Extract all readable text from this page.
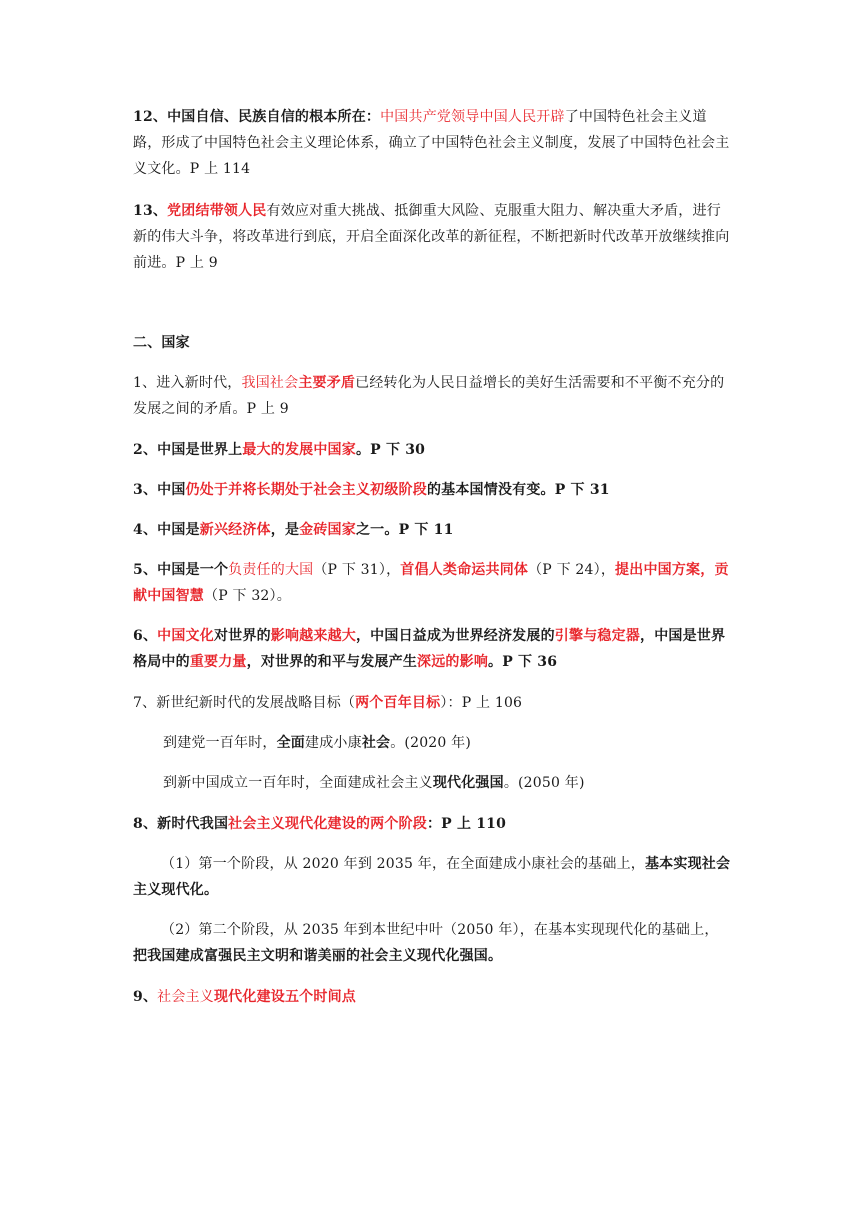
12、中国自信、民族自信的根本所在：中国共产党领导中国人民开辟了中国特色社会主义道路，形成了中国特色社会主义理论体系，确立了中国特色社会主义制度，发展了中国特色社会主义文化。P 上 114

13、党团结带领人民有效应对重大挑战、抵御重大风险、克服重大阻力、解决重大矛盾，进行新的伟大斗争，将改革进行到底，开启全面深化改革的新征程，不断把新时代改革开放继续推向前进。P 上 9

二、国家

1、进入新时代，我国社会主要矛盾已经转化为人民日益增长的美好生活需要和不平衡不充分的发展之间的矛盾。P 上 9

2、中国是世界上最大的发展中国家。P 下 30

3、中国仍处于并将长期处于社会主义初级阶段的基本国情没有变。P 下 31

4、中国是新兴经济体，是金砖国家之一。P 下 11

5、中国是一个负责任的大国（P 下 31），首倡人类命运共同体（P 下 24），提出中国方案，贡献中国智慧（P 下 32）。

6、中国文化对世界的影响越来越大，中国日益成为世界经济发展的引擎与稳定器，中国是世界格局中的重要力量，对世界的和平与发展产生深远的影响。P 下 36

7、新世纪新时代的发展战略目标（两个百年目标）：P 上 106

到建党一百年时，全面建成小康社会。(2020 年)

到新中国成立一百年时，全面建成社会主义现代化强国。(2050 年)

8、新时代我国社会主义现代化建设的两个阶段：P 上 110

（1）第一个阶段，从 2020 年到 2035 年，在全面建成小康社会的基础上，基本实现社会主义现代化。

（2）第二个阶段，从 2035 年到本世纪中叶（2050 年），在基本实现现代化的基础上，把我国建成富强民主文明和谐美丽的社会主义现代化强国。

9、社会主义现代化建设五个时间点
